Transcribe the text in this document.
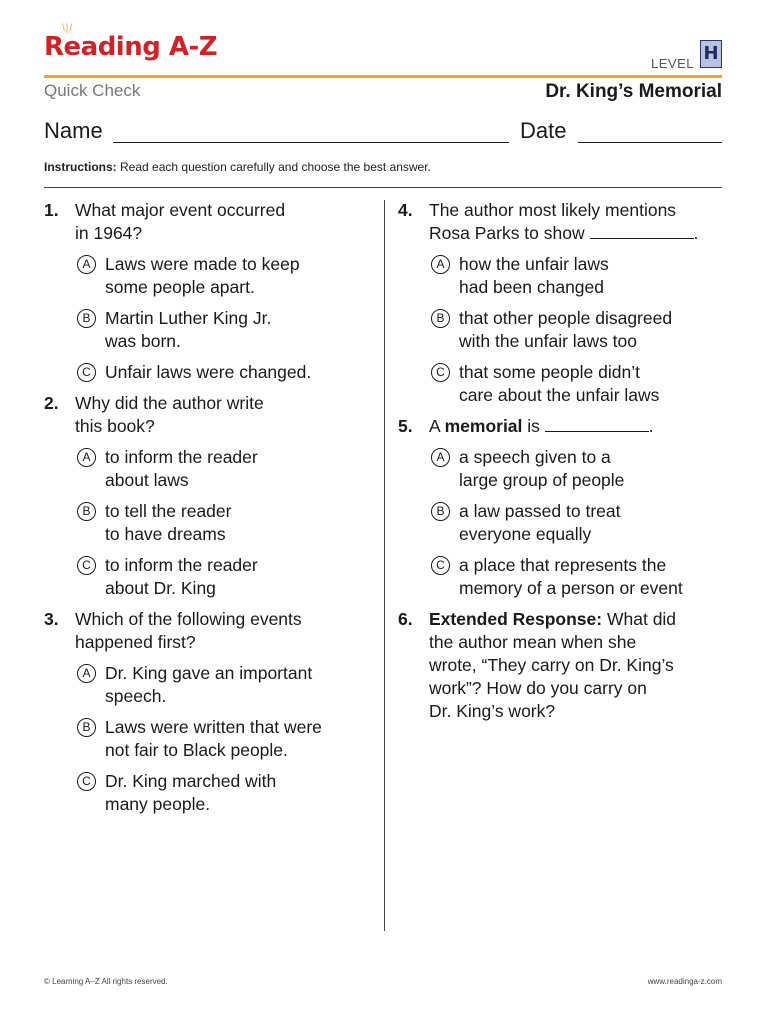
\|/
Reading A-Z
LEVEL H
Quick Check	Dr. King’s Memorial
Name	Date
Instructions: Read each question carefully and choose the best answer.
1. What major event occurred
in 1964?
A Laws were made to keep
some people apart.
B Martin Luther King Jr.
was born.
C Unfair laws were changed.
2. Why did the author write
this book?
A to inform the reader
about laws
B to tell the reader
to have dreams
C to inform the reader
about Dr. King
3. Which of the following events
happened first?
A Dr. King gave an important
speech.
B Laws were written that were
not fair to Black people.
C Dr. King marched with
many people.
4. The author most likely mentions
Rosa Parks to show	.
A how the unfair laws
had been changed
B that other people disagreed
with the unfair laws too
C that some people didn’t
care about the unfair laws
5. A memorial is	.
A a speech given to a
large group of people
B a law passed to treat
everyone equally
C a place that represents the
memory of a person or event
6. Extended Response: What did
the author mean when she
wrote, “They carry on Dr. King’s
work”? How do you carry on
Dr. King’s work?
© Learning A–Z All rights reserved.	www.readinga-z.com
